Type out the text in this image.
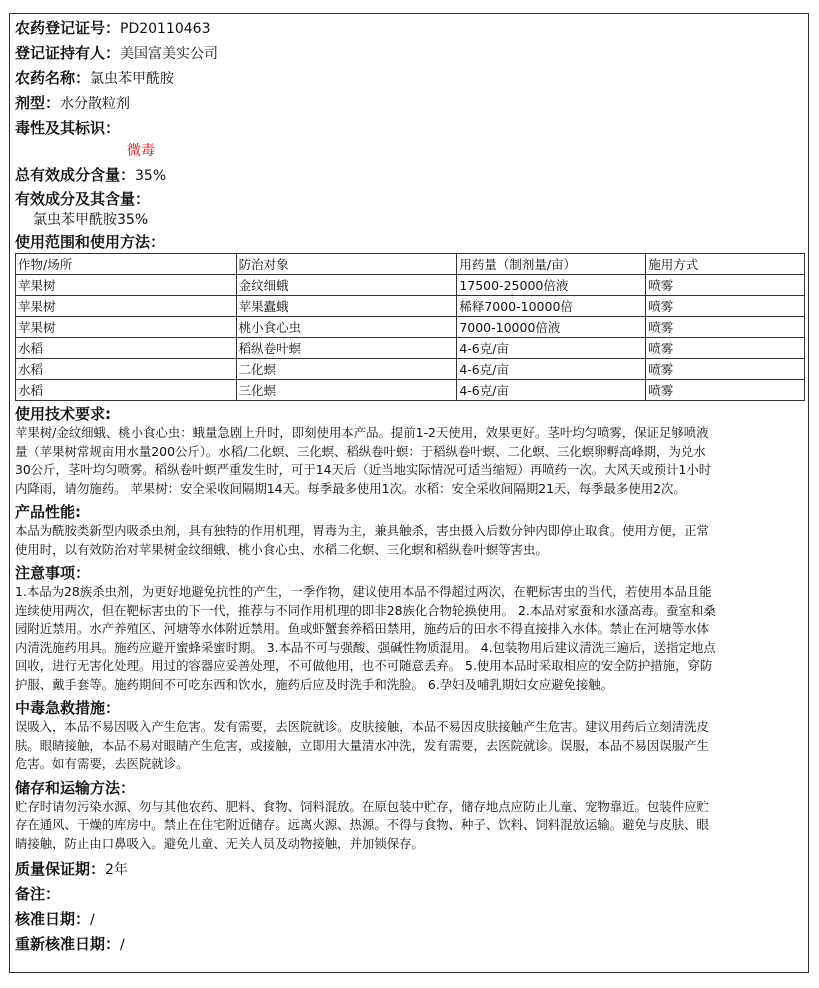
农药登记证号：PD20110463
登记证持有人：美国富美实公司
农药名称：氯虫苯甲酰胺
剂型：水分散粒剂
毒性及其标识：
微毒
总有效成分含量：35%
有效成分及其含量：
氯虫苯甲酰胺35%
使用范围和使用方法：
作物/场所	防治对象	用药量（制剂量/亩）	施用方式
苹果树	金纹细蛾	17500-25000倍液	喷雾
苹果树	苹果蠹蛾	稀释7000-10000倍	喷雾
苹果树	桃小食心虫	7000-10000倍液	喷雾
水稻	稻纵卷叶螟	4-6克/亩	喷雾
水稻	二化螟	4-6克/亩	喷雾
水稻	三化螟	4-6克/亩	喷雾
使用技术要求:
苹果树/金纹细蛾、桃小食心虫：蛾量急剧上升时，即刻使用本产品。提前1-2天使用，效果更好。茎叶均匀喷雾，保证足够喷液
量（苹果树常规亩用水量200公斤）。水稻/二化螟、三化螟、稻纵卷叶螟：于稻纵卷叶螟、二化螟、三化螟卵孵高峰期，为兑水
30公斤，茎叶均匀喷雾。稻纵卷叶螟严重发生时，可于14天后（近当地实际情况可适当缩短）再喷药一次。大风天或预计1小时
内降雨，请勿施药。 苹果树：安全采收间隔期14天。每季最多使用1次。水稻：安全采收间隔期21天，每季最多使用2次。
产品性能:
本品为酰胺类新型内吸杀虫剂，具有独特的作用机理，胃毒为主，兼具触杀，害虫摄入后数分钟内即停止取食。使用方便，正常
使用时，以有效防治对苹果树金纹细蛾、桃小食心虫、水稻二化螟、三化螟和稻纵卷叶螟等害虫。
注意事项：
1.本品为28族杀虫剂，为更好地避免抗性的产生，一季作物，建议使用本品不得超过两次，在靶标害虫的当代，若使用本品且能
连续使用两次，但在靶标害虫的下一代，推荐与不同作用机理的即非28族化合物轮换使用。 2.本品对家蚕和水溞高毒。蚕室和桑
园附近禁用。水产养殖区、河塘等水体附近禁用。鱼或虾蟹套养稻田禁用，施药后的田水不得直接排入水体。禁止在河塘等水体
内清洗施药用具。施药应避开蜜蜂采蜜时期。 3.本品不可与强酸、强碱性物质混用。 4.包装物用后建议清洗三遍后，送指定地点
回收，进行无害化处理。用过的容器应妥善处理，不可做他用，也不可随意丢弃。 5.使用本品时采取相应的安全防护措施，穿防
护服、戴手套等。施药期间不可吃东西和饮水，施药后应及时洗手和洗脸。 6.孕妇及哺乳期妇女应避免接触。
中毒急救措施：
误吸入，本品不易因吸入产生危害。发有需要，去医院就诊。皮肤接触，本品不易因皮肤接触产生危害。建议用药后立刻清洗皮
肤。眼睛接触，本品不易对眼睛产生危害，或接触，立即用大量清水冲洗，发有需要，去医院就诊。误服，本品不易因误服产生
危害。如有需要，去医院就诊。
储存和运输方法：
贮存时请勿污染水源、勿与其他农药、肥料、食物、饲料混放。在原包装中贮存，储存地点应防止儿童、宠物靠近。包装件应贮
存在通风、干燥的库房中。禁止在住宅附近储存。远离火源、热源。不得与食物、种子、饮料、饲料混放运输。避免与皮肤、眼
睛接触，防止由口鼻吸入。避免儿童、无关人员及动物接触，并加锁保存。
质量保证期：2年
备注：
核准日期：/
重新核准日期：/
